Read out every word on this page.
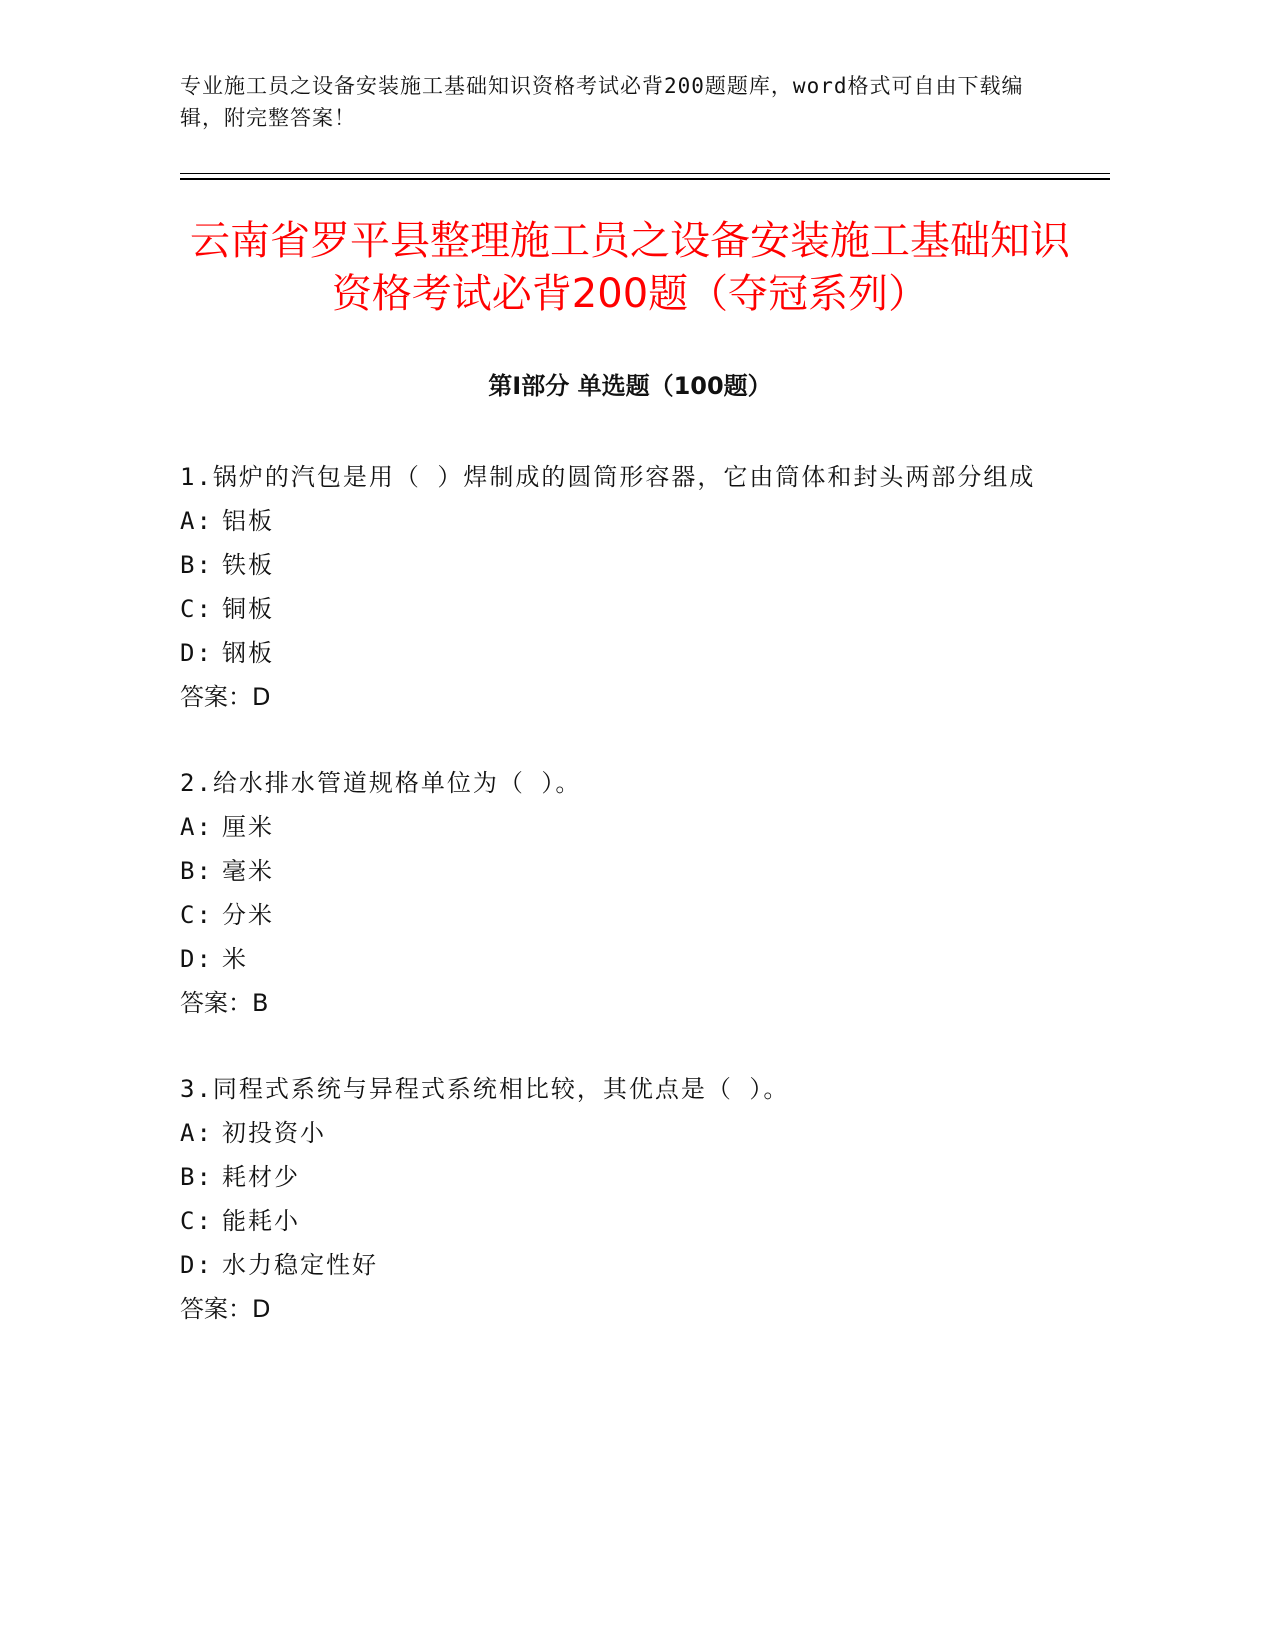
专业施工员之设备安装施工基础知识资格考试必背200题题库，word格式可自由下载编辑，附完整答案！
云南省罗平县整理施工员之设备安装施工基础知识资格考试必背200题（夺冠系列）
第I部分 单选题（100题）
1.锅炉的汽包是用（ ）焊制成的圆筒形容器，它由筒体和封头两部分组成
A: 铝板
B: 铁板
C: 铜板
D: 钢板
答案：D
2.给水排水管道规格单位为（ ）。
A: 厘米
B: 毫米
C: 分米
D: 米
答案：B
3.同程式系统与异程式系统相比较，其优点是（ ）。
A: 初投资小
B: 耗材少
C: 能耗小
D: 水力稳定性好
答案：D
